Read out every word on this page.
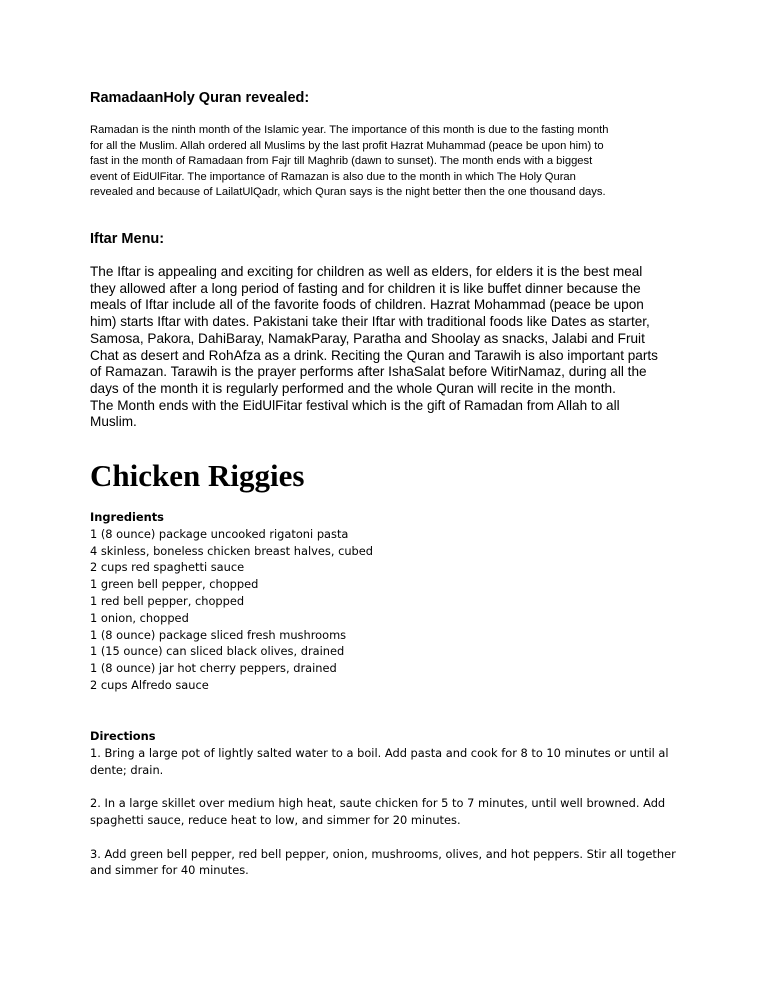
RamadaanHoly Quran revealed:
Ramadan is the ninth month of the Islamic year. The importance of this month is due to the fasting month
for all the Muslim. Allah ordered all Muslims by the last profit Hazrat Muhammad (peace be upon him) to
fast in the month of Ramadaan from Fajr till Maghrib (dawn to sunset). The month ends with a biggest
event of EidUlFitar. The importance of Ramazan is also due to the month in which The Holy Quran
revealed and because of LailatUlQadr, which Quran says is the night better then the one thousand days.
Iftar Menu:
The Iftar is appealing and exciting for children as well as elders, for elders it is the best meal
they allowed after a long period of fasting and for children it is like buffet dinner because the
meals of Iftar include all of the favorite foods of children. Hazrat Mohammad (peace be upon
him) starts Iftar with dates. Pakistani take their Iftar with traditional foods like Dates as starter,
Samosa, Pakora, DahiBaray, NamakParay, Paratha and Shoolay as snacks, Jalabi and Fruit
Chat as desert and RohAfza as a drink. Reciting the Quran and Tarawih is also important parts
of Ramazan. Tarawih is the prayer performs after IshaSalat before WitirNamaz, during all the
days of the month it is regularly performed and the whole Quran will recite in the month.
The Month ends with the EidUlFitar festival which is the gift of Ramadan from Allah to all
Muslim.
Chicken Riggies
Ingredients
1 (8 ounce) package uncooked rigatoni pasta
4 skinless, boneless chicken breast halves, cubed
2 cups red spaghetti sauce
1 green bell pepper, chopped
1 red bell pepper, chopped
1 onion, chopped
1 (8 ounce) package sliced fresh mushrooms
1 (15 ounce) can sliced black olives, drained
1 (8 ounce) jar hot cherry peppers, drained
2 cups Alfredo sauce
Directions
1. Bring a large pot of lightly salted water to a boil. Add pasta and cook for 8 to 10 minutes or until al
dente; drain.
2. In a large skillet over medium high heat, saute chicken for 5 to 7 minutes, until well browned. Add
spaghetti sauce, reduce heat to low, and simmer for 20 minutes.
3. Add green bell pepper, red bell pepper, onion, mushrooms, olives, and hot peppers. Stir all together
and simmer for 40 minutes.
